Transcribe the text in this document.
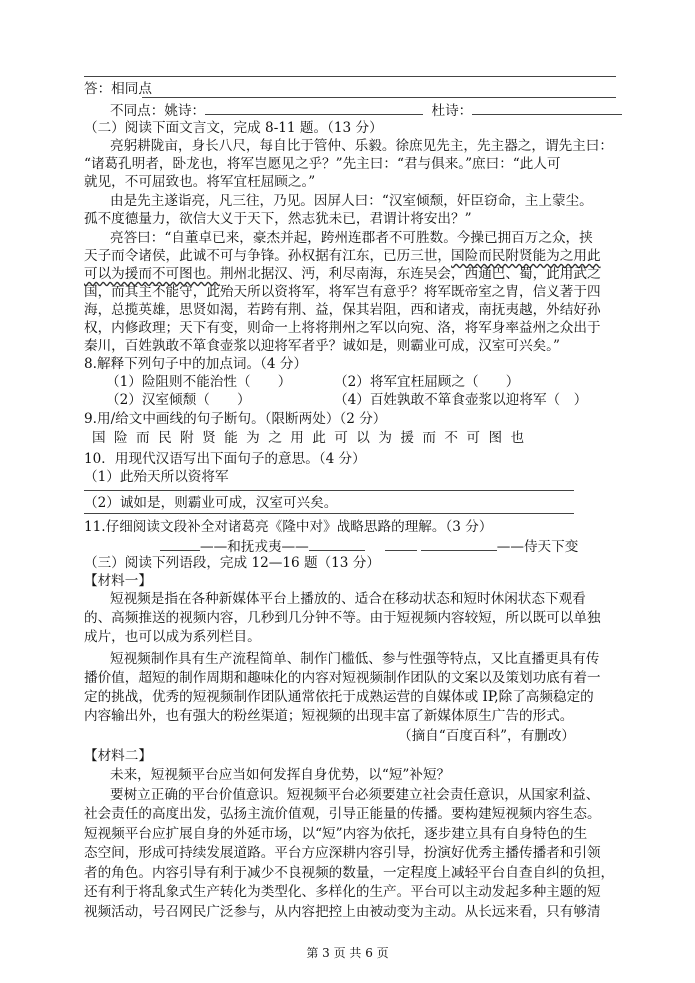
答：相同点
不同点：姚诗：	杜诗：
（二）阅读下面文言文，完成 8-11 题。（13 分）
亮躬耕陇亩，身长八尺，每自比于管仲、乐毅。徐庶见先主，先主器之，谓先主曰：
“诸葛孔明者，卧龙也，将军岂愿见之乎？”先主曰：“君与俱来。”庶曰：“此人可
就见，不可屈致也。将军宜枉屈顾之。”
由是先主遂诣亮，凡三往，乃见。因屏人曰：“汉室倾颓，奸臣窃命，主上蒙尘。
孤不度德量力，欲信大义于天下，然志犹未已，君谓计将安出？”
亮答曰：“自董卓已来，豪杰并起，跨州连郡者不可胜数。今操已拥百万之众，挟
天子而令诸侯，此诚不可与争锋。孙权据有江东，已历三世，国险而民附贤能为之用此
可以为援而不可图也。荆州北据汉、沔，利尽南海，东连吴会，西通巴、蜀，此用武之
国，而其主不能守，此殆天所以资将军，将军岂有意乎？将军既帝室之胄，信义著于四
海，总揽英雄，思贤如渴，若跨有荆、益，保其岩阻，西和诸戎，南抚夷越，外结好孙
权，内修政理；天下有变，则命一上将将荆州之军以向宛、洛，将军身率益州之众出于
秦川，百姓孰敢不箪食壶浆以迎将军者乎？诚如是，则霸业可成，汉室可兴矣。”
8.解释下列句子中的加点词。（4 分）
（1）险阻则不能治性（　　）	（2）将军宜枉屈顾之（　　）
（2）汉室倾颓（　　）	（4）百姓孰敢不箪食壶浆以迎将军（　）
9.用/给文中画线的句子断句。（限断两处）（2 分）
国险而民附贤能为之用此可以为援而不可图也
10．用现代汉语写出下面句子的意思。（4 分）
（1）此殆天所以资将军
（2）诚如是，则霸业可成，汉室可兴矣。
11.仔细阅读文段补全对诸葛亮《隆中对》战略思路的理解。（3 分）
——和抚戎夷——	——侍天下变
（三）阅读下列语段，完成 12—16 题（13 分）
【材料一】
短视频是指在各种新媒体平台上播放的、适合在移动状态和短时休闲状态下观看
的、高频推送的视频内容，几秒到几分钟不等。由于短视频内容较短，所以既可以单独
成片，也可以成为系列栏目。
短视频制作具有生产流程简单、制作门槛低、参与性强等特点，又比直播更具有传
播价值，超短的制作周期和趣味化的内容对短视频制作团队的文案以及策划功底有着一
定的挑战，优秀的短视频制作团队通常依托于成熟运营的自媒体或 IP,除了高频稳定的
内容输出外，也有强大的粉丝渠道；短视频的出现丰富了新媒体原生广告的形式。
（摘自“百度百科”，有删改）
【材料二】
未来，短视频平台应当如何发挥自身优势，以“短”补短？
要树立正确的平台价值意识。短视频平台必须要建立社会责任意识，从国家利益、
社会责任的高度出发，弘扬主流价值观，引导正能量的传播。要构建短视频内容生态。
短视频平台应扩展自身的外延市场，以“短”内容为依托，逐步建立具有自身特色的生
态空间，形成可持续发展道路。平台方应深耕内容引导，扮演好优秀主播传播者和引领
者的角色。内容引导有利于减少不良视频的数量，一定程度上减轻平台自查自纠的负担，
还有利于将乱象式生产转化为类型化、多样化的生产。平台可以主动发起多种主题的短
视频活动，号召网民广泛参与，从内容把控上由被动变为主动。从长远来看，只有够清
第 3 页 共 6 页
